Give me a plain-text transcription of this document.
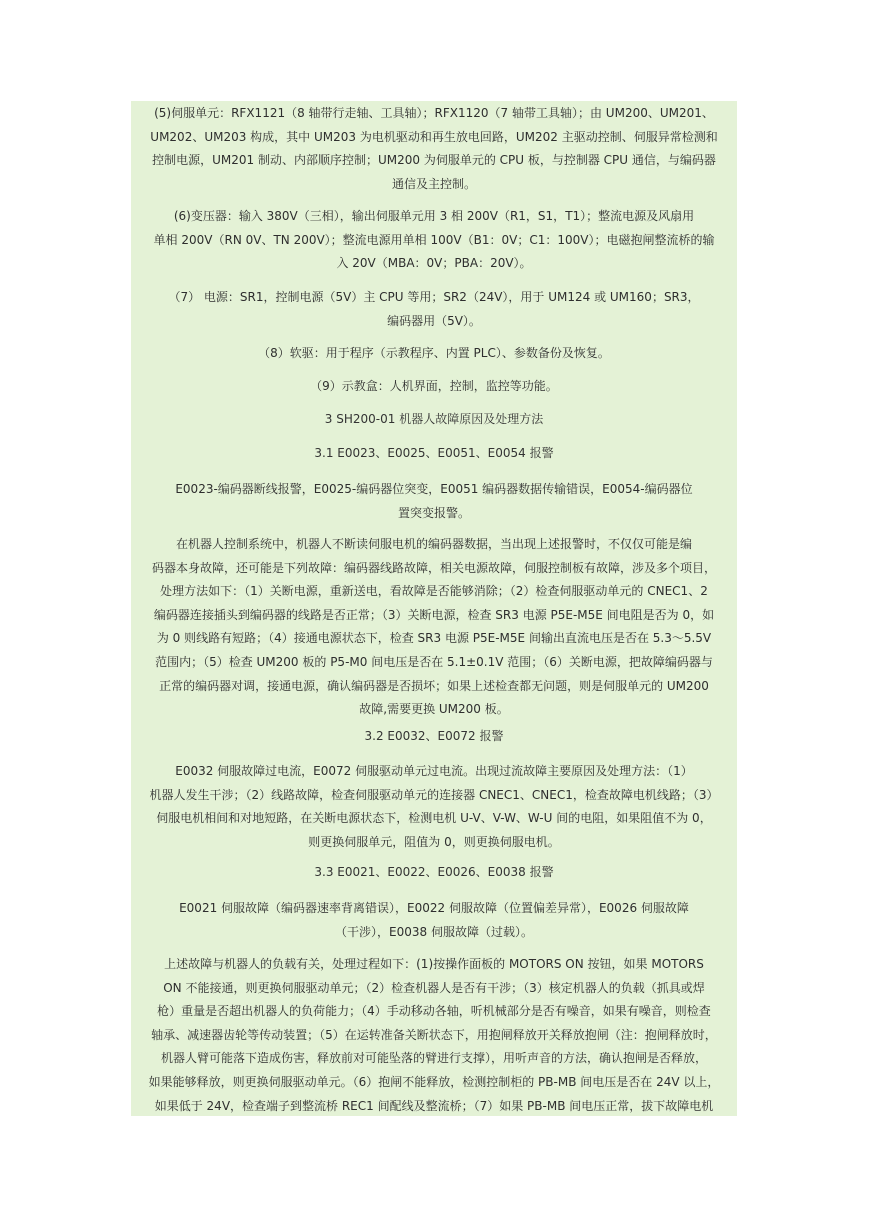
(5)伺服单元：RFX1121（8 轴带行走轴、工具轴）；RFX1120（7 轴带工具轴）；由 UM200、UM201、
UM202、UM203 构成，其中 UM203 为电机驱动和再生放电回路，UM202 主驱动控制、伺服异常检测和
控制电源，UM201 制动、内部顺序控制；UM200 为伺服单元的 CPU 板，与控制器 CPU 通信，与编码器
通信及主控制。
(6)变压器：输入 380V（三相），输出伺服单元用 3 相 200V（R1，S1，T1）；整流电源及风扇用
单相 200V（RN 0V、TN 200V）；整流电源用单相 100V（B1：0V；C1：100V）；电磁抱闸整流桥的输
入 20V（MBA：0V；PBA：20V）。
（7） 电源：SR1，控制电源（5V）主 CPU 等用；SR2（24V），用于 UM124 或 UM160；SR3，
编码器用（5V）。
（8）软驱：用于程序（示教程序、内置 PLC）、参数备份及恢复。
（9）示教盒：人机界面，控制，监控等功能。
3 SH200-01 机器人故障原因及处理方法
3.1 E0023、E0025、E0051、E0054 报警
E0023-编码器断线报警，E0025-编码器位突变，E0051 编码器数据传输错误，E0054-编码器位
置突变报警。
在机器人控制系统中，机器人不断读伺服电机的编码器数据，当出现上述报警时，不仅仅可能是编
码器本身故障，还可能是下列故障：编码器线路故障，相关电源故障，伺服控制板有故障，涉及多个项目，
处理方法如下：（1）关断电源，重新送电，看故障是否能够消除；（2）检查伺服驱动单元的 CNEC1、2
编码器连接插头到编码器的线路是否正常；（3）关断电源，检查 SR3 电源 P5E-M5E 间电阻是否为 0，如
为 0 则线路有短路；（4）接通电源状态下，检查 SR3 电源 P5E-M5E 间输出直流电压是否在 5.3～5.5V
范围内；（5）检查 UM200 板的 P5-M0 间电压是否在 5.1±0.1V 范围；（6）关断电源，把故障编码器与
正常的编码器对调，接通电源，确认编码器是否损坏；如果上述检查都无问题，则是伺服单元的 UM200
故障,需要更换 UM200 板。
3.2 E0032、E0072 报警
E0032 伺服故障过电流，E0072 伺服驱动单元过电流。出现过流故障主要原因及处理方法：（1）
机器人发生干涉；（2）线路故障，检查伺服驱动单元的连接器 CNEC1、CNEC1，检查故障电机线路；（3）
伺服电机相间和对地短路，在关断电源状态下，检测电机 U-V、V-W、W-U 间的电阻，如果阻值不为 0，
则更换伺服单元，阻值为 0，则更换伺服电机。
3.3 E0021、E0022、E0026、E0038 报警
E0021 伺服故障（编码器速率背离错误），E0022 伺服故障（位置偏差异常），E0026 伺服故障
（干涉），E0038 伺服故障（过载）。
上述故障与机器人的负载有关，处理过程如下：(1)按操作面板的 MOTORS ON 按钮，如果 MOTORS
ON 不能接通，则更换伺服驱动单元；（2）检查机器人是否有干涉；（3）核定机器人的负载（抓具或焊
枪）重量是否超出机器人的负荷能力；（4）手动移动各轴，听机械部分是否有噪音，如果有噪音，则检查
轴承、减速器齿轮等传动装置；（5）在运转准备关断状态下，用抱闸释放开关释放抱闸（注：抱闸释放时，
机器人臂可能落下造成伤害，释放前对可能坠落的臂进行支撑），用听声音的方法，确认抱闸是否释放，
如果能够释放，则更换伺服驱动单元。（6）抱闸不能释放，检测控制柜的 PB-MB 间电压是否在 24V 以上，
如果低于 24V，检查端子到整流桥 REC1 间配线及整流桥；（7）如果 PB-MB 间电压正常，拔下故障电机
